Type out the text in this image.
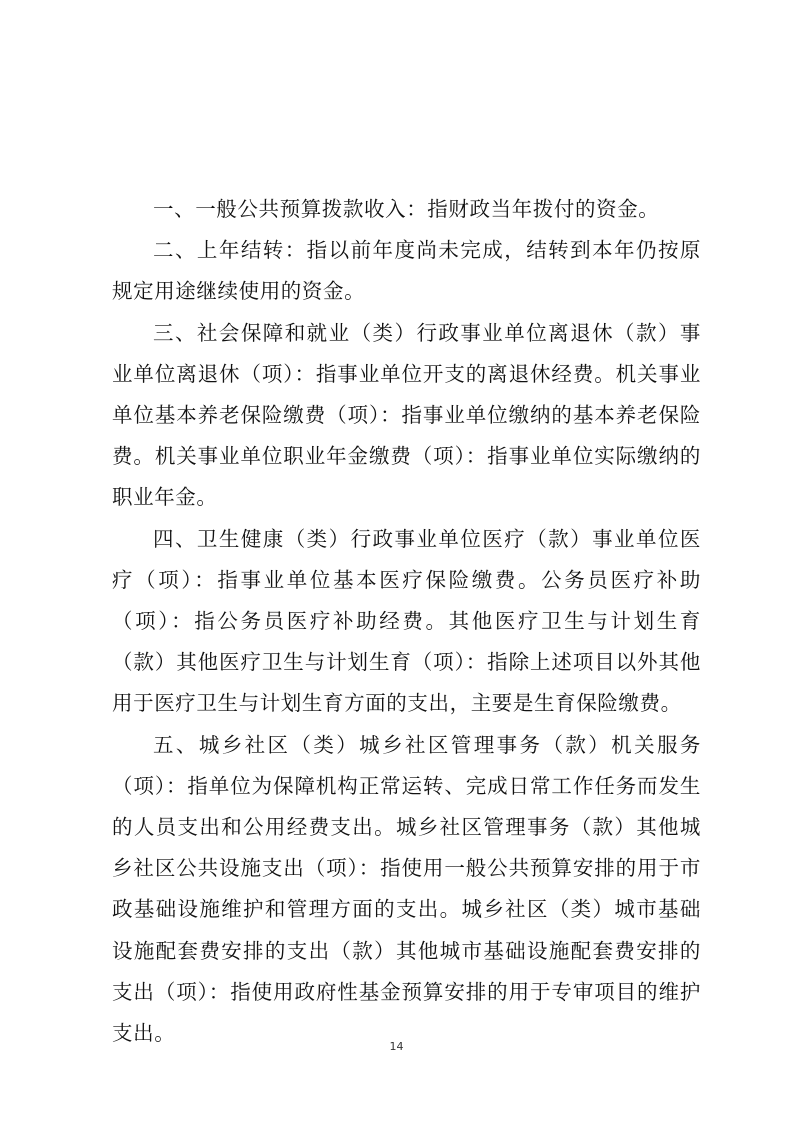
一、一般公共预算拨款收入：指财政当年拨付的资金。

二、上年结转：指以前年度尚未完成，结转到本年仍按原规定用途继续使用的资金。

三、社会保障和就业（类）行政事业单位离退休（款）事业单位离退休（项）：指事业单位开支的离退休经费。机关事业单位基本养老保险缴费（项）：指事业单位缴纳的基本养老保险费。机关事业单位职业年金缴费（项）：指事业单位实际缴纳的职业年金。

四、卫生健康（类）行政事业单位医疗（款）事业单位医疗（项）：指事业单位基本医疗保险缴费。公务员医疗补助（项）：指公务员医疗补助经费。其他医疗卫生与计划生育（款）其他医疗卫生与计划生育（项）：指除上述项目以外其他用于医疗卫生与计划生育方面的支出，主要是生育保险缴费。

五、城乡社区（类）城乡社区管理事务（款）机关服务（项）：指单位为保障机构正常运转、完成日常工作任务而发生的人员支出和公用经费支出。城乡社区管理事务（款）其他城乡社区公共设施支出（项）：指使用一般公共预算安排的用于市政基础设施维护和管理方面的支出。城乡社区（类）城市基础设施配套费安排的支出（款）其他城市基础设施配套费安排的支出（项）：指使用政府性基金预算安排的用于专审项目的维护支出。

14
